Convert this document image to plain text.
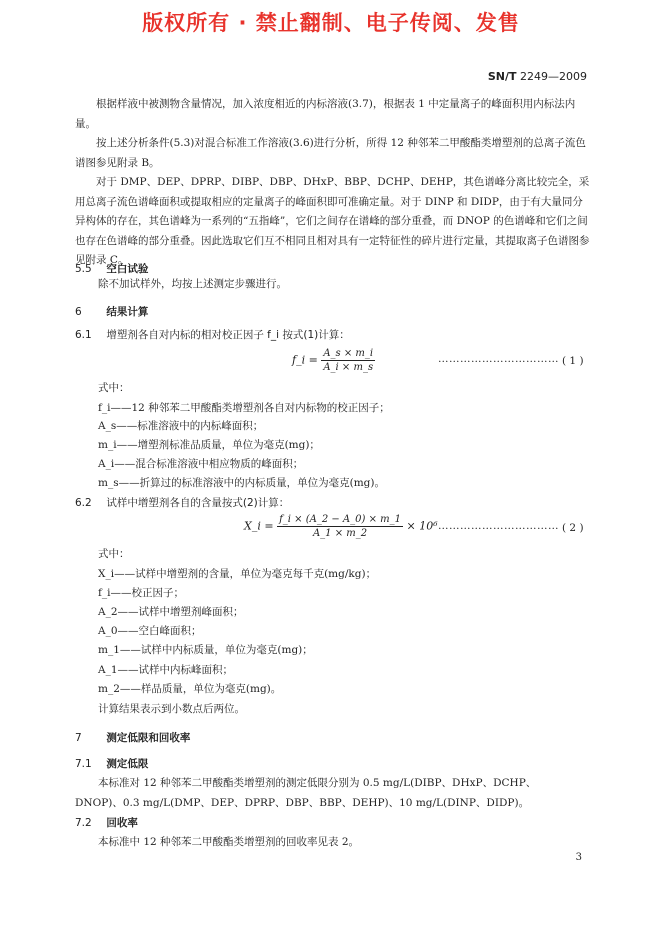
版权所有 · 禁止翻制、电子传阅、发售
SN/T 2249—2009
根据样液中被测物含量情况，加入浓度相近的内标溶液(3.7)，根据表 1 中定量离子的峰面积用内标法内量。
按上述分析条件(5.3)对混合标准工作溶液(3.6)进行分析，所得 12 种邻苯二甲酸酯类增塑剂的总离子流色谱图参见附录 B。
对于 DMP、DEP、DPRP、DIBP、DBP、DHxP、BBP、DCHP、DEHP，其色谱峰分离比较完全，采用总离子流色谱峰面积或提取相应的定量离子的峰面积即可准确定量。对于 DINP 和 DIDP，由于有大量同分异构体的存在，其色谱峰为一系列的“五指峰”，它们之间存在谱峰的部分重叠，而 DNOP 的色谱峰和它们之间也存在色谱峰的部分重叠。因此选取它们互不相同且相对具有一定特征性的碎片进行定量，其提取离子色谱图参见附录 C。
5.5 空白试验
除不加试样外，均按上述测定步骤进行。
6 结果计算
6.1 增塑剂各自对内标的相对校正因子 f_i 按式(1)计算：
f_i = $\frac{A\_s \times m\_i}{A\_i \times m\_s}$	…………………………… ( 1 )
式中：
f_i——12 种邻苯二甲酸酯类增塑剂各自对内标物的校正因子；
A_s——标准溶液中的内标峰面积；
m_i——增塑剂标准品质量，单位为毫克(mg)；
A_i——混合标准溶液中相应物质的峰面积；
m_s——折算过的标准溶液中的内标质量，单位为毫克(mg)。
6.2 试样中增塑剂各自的含量按式(2)计算：
X_i = $\frac{f\_i \times (A\_2 - A\_0) \times m\_1}{A\_1 \times m\_2} \times 10^6$ …………………………… ( 2 )
式中：
X_i——试样中增塑剂的含量，单位为毫克每千克(mg/kg)；
f_i——校正因子；
A_2——试样中增塑剂峰面积；
A_0——空白峰面积；
m_1——试样中内标质量，单位为毫克(mg)；
A_1——试样中内标峰面积；
m_2——样品质量，单位为毫克(mg)。
计算结果表示到小数点后两位。
7 测定低限和回收率
7.1 测定低限
本标准对 12 种邻苯二甲酸酯类增塑剂的测定低限分别为 0.5 mg/L(DIBP、DHxP、DCHP、
DNOP)、0.3 mg/L(DMP、DEP、DPRP、DBP、BBP、DEHP)、10 mg/L(DINP、DIDP)。
7.2 回收率
本标准中 12 种邻苯二甲酸酯类增塑剂的回收率见表 2。
3
